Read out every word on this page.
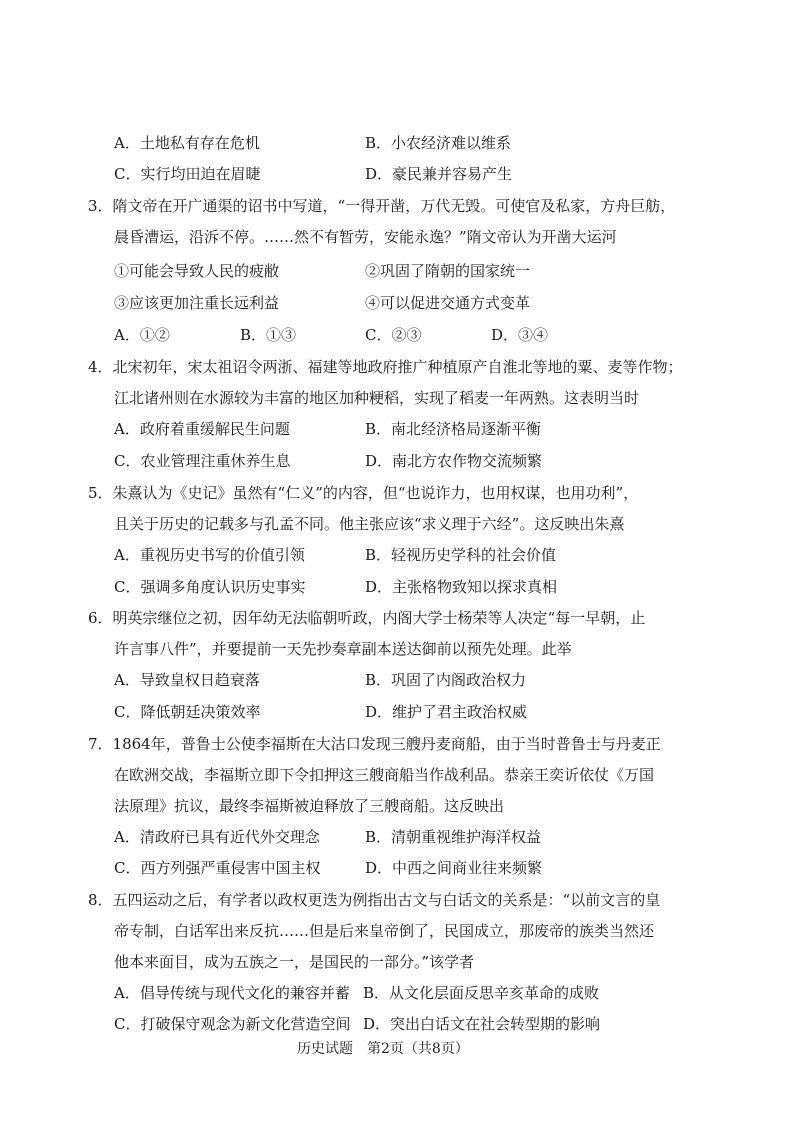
A．土地私有存在危机	B．小农经济难以维系
C．实行均田迫在眉睫	D．豪民兼并容易产生
3．隋文帝在开广通渠的诏书中写道，“一得开凿，万代无毁。可使官及私家，方舟巨舫，
晨昏漕运，沿泝不停。……然不有暂劳，安能永逸？”隋文帝认为开凿大运河
①可能会导致人民的疲敝	②巩固了隋朝的国家统一
③应该更加注重长远利益	④可以促进交通方式变革
A．①②	B．①③	C．②③	D．③④
4．北宋初年，宋太祖诏令两浙、福建等地政府推广种植原产自淮北等地的粟、麦等作物；
江北诸州则在水源较为丰富的地区加种粳稻，实现了稻麦一年两熟。这表明当时
A．政府着重缓解民生问题	B．南北经济格局逐渐平衡
C．农业管理注重休养生息	D．南北方农作物交流频繁
5．朱熹认为《史记》虽然有“仁义”的内容，但“也说诈力，也用权谋，也用功利”，
且关于历史的记载多与孔孟不同。他主张应该“求义理于六经”。这反映出朱熹
A．重视历史书写的价值引领	B．轻视历史学科的社会价值
C．强调多角度认识历史事实	D．主张格物致知以探求真相
6．明英宗继位之初，因年幼无法临朝听政，内阁大学士杨荣等人决定“每一早朝，止
许言事八件”，并要提前一天先抄奏章副本送达御前以预先处理。此举
A．导致皇权日趋衰落	B．巩固了内阁政治权力
C．降低朝廷决策效率	D．维护了君主政治权威
7．1864年，普鲁士公使李福斯在大沽口发现三艘丹麦商船，由于当时普鲁士与丹麦正
在欧洲交战，李福斯立即下令扣押这三艘商船当作战利品。恭亲王奕䜣依仗《万国
法原理》抗议，最终李福斯被迫释放了三艘商船。这反映出
A．清政府已具有近代外交理念	B．清朝重视维护海洋权益
C．西方列强严重侵害中国主权	D．中西之间商业往来频繁
8．五四运动之后，有学者以政权更迭为例指出古文与白话文的关系是：“以前文言的皇
帝专制，白话军出来反抗……但是后来皇帝倒了，民国成立，那废帝的族类当然还
他本来面目，成为五族之一，是国民的一部分。”该学者
A．倡导传统与现代文化的兼容并蓄 B．从文化层面反思辛亥革命的成败
C．打破保守观念为新文化营造空间 D．突出白话文在社会转型期的影响
历史试题　第2页（共8页）
